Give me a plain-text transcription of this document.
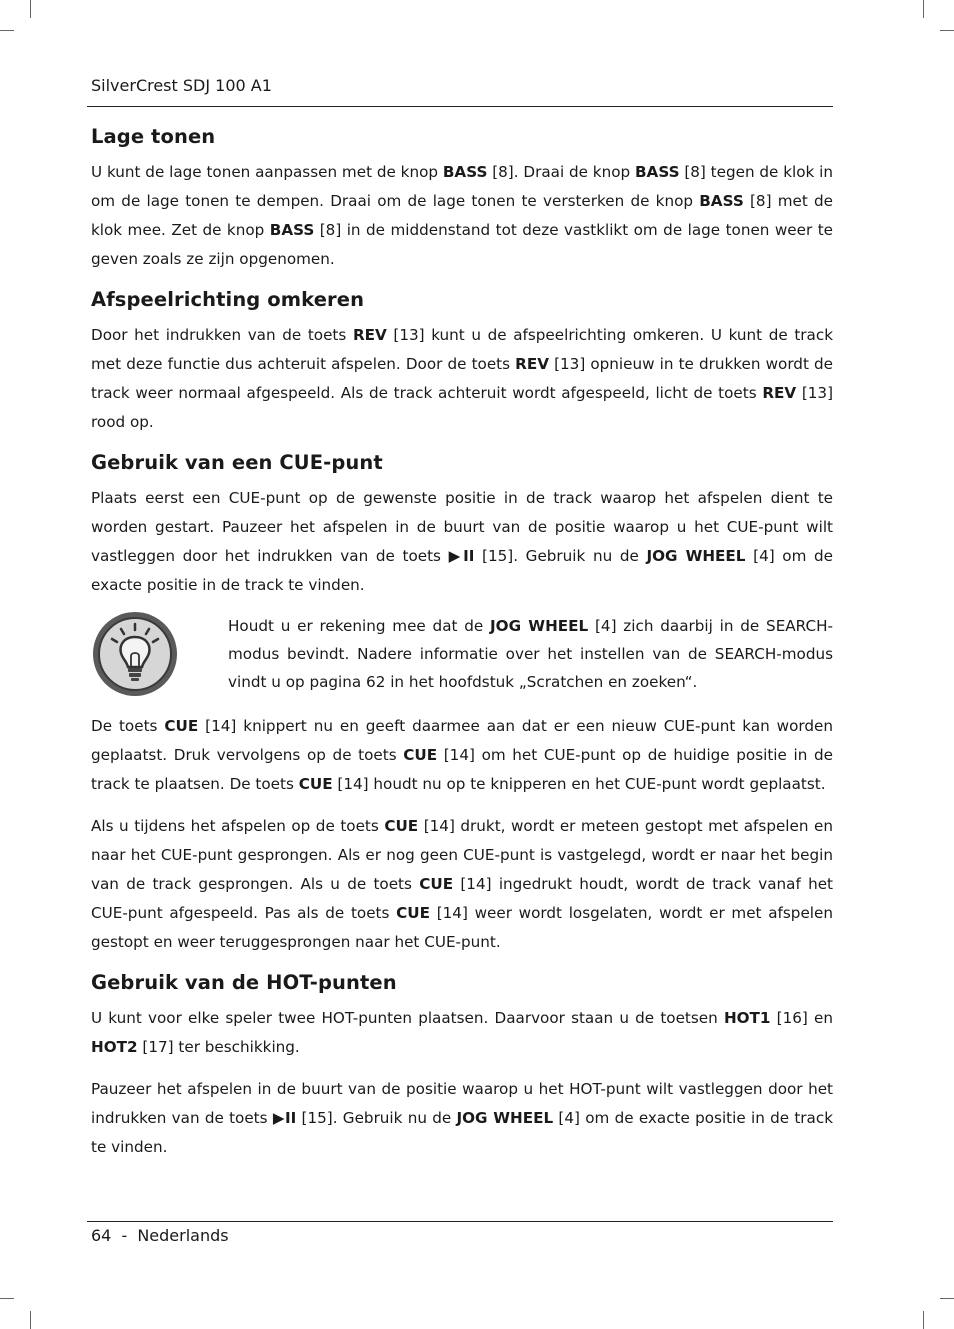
SilverCrest SDJ 100 A1
Lage tonen

U kunt de lage tonen aanpassen met de knop BASS [8]. Draai de knop BASS [8] tegen de klok in om de lage tonen te dempen. Draai om de lage tonen te versterken de knop BASS [8] met de klok mee. Zet de knop BASS [8] in de middenstand tot deze vastklikt om de lage tonen weer te geven zoals ze zijn opgenomen.

Afspeelrichting omkeren

Door het indrukken van de toets REV [13] kunt u de afspeelrichting omkeren. U kunt de track met deze functie dus achteruit afspelen. Door de toets REV [13] opnieuw in te drukken wordt de track weer normaal afgespeeld. Als de track achteruit wordt afgespeeld, licht de toets REV [13] rood op.

Gebruik van een CUE-punt

Plaats eerst een CUE-punt op de gewenste positie in de track waarop het afspelen dient te worden gestart. Pauzeer het afspelen in de buurt van de positie waarop u het CUE-punt wilt vastleggen door het indrukken van de toets ▶II [15]. Gebruik nu de JOG WHEEL [4] om de exacte positie in de track te vinden.

Houdt u er rekening mee dat de JOG WHEEL [4] zich daarbij in de SEARCH-modus bevindt. Nadere informatie over het instellen van de SEARCH-modus vindt u op pagina 62 in het hoofdstuk „Scratchen en zoeken“.

De toets CUE [14] knippert nu en geeft daarmee aan dat er een nieuw CUE-punt kan worden geplaatst. Druk vervolgens op de toets CUE [14] om het CUE-punt op de huidige positie in de track te plaatsen. De toets CUE [14] houdt nu op te knipperen en het CUE-punt wordt geplaatst.

Als u tijdens het afspelen op de toets CUE [14] drukt, wordt er meteen gestopt met afspelen en naar het CUE-punt gesprongen. Als er nog geen CUE-punt is vastgelegd, wordt er naar het begin van de track gesprongen. Als u de toets CUE [14] ingedrukt houdt, wordt de track vanaf het CUE-punt afgespeeld. Pas als de toets CUE [14] weer wordt losgelaten, wordt er met afspelen gestopt en weer teruggesprongen naar het CUE-punt.

Gebruik van de HOT-punten

U kunt voor elke speler twee HOT-punten plaatsen. Daarvoor staan u de toetsen HOT1 [16] en HOT2 [17] ter beschikking.

Pauzeer het afspelen in de buurt van de positie waarop u het HOT-punt wilt vastleggen door het indrukken van de toets ▶II [15]. Gebruik nu de JOG WHEEL [4] om de exacte positie in de track te vinden.

64 - Nederlands
